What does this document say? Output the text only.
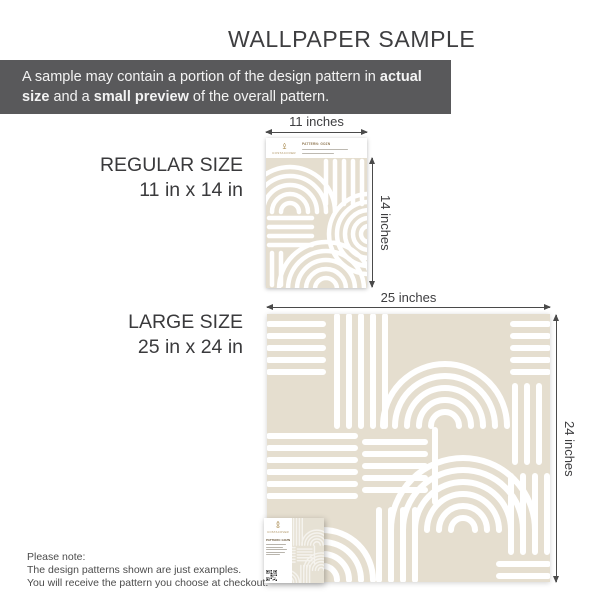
WALLPAPER SAMPLE
A sample may contain a portion of the design pattern in actual size and a small preview of the overall pattern.
REGULAR SIZE
11 in x 14 in
11 inches
COSTACOVER
PATTERN: GOZN
14 inches
LARGE SIZE
25 in x 24 in
25 inches
24 inches
COSTACOVER
PATTERN: GOZN
Please note:
The design patterns shown are just examples.
You will receive the pattern you choose at checkout.
